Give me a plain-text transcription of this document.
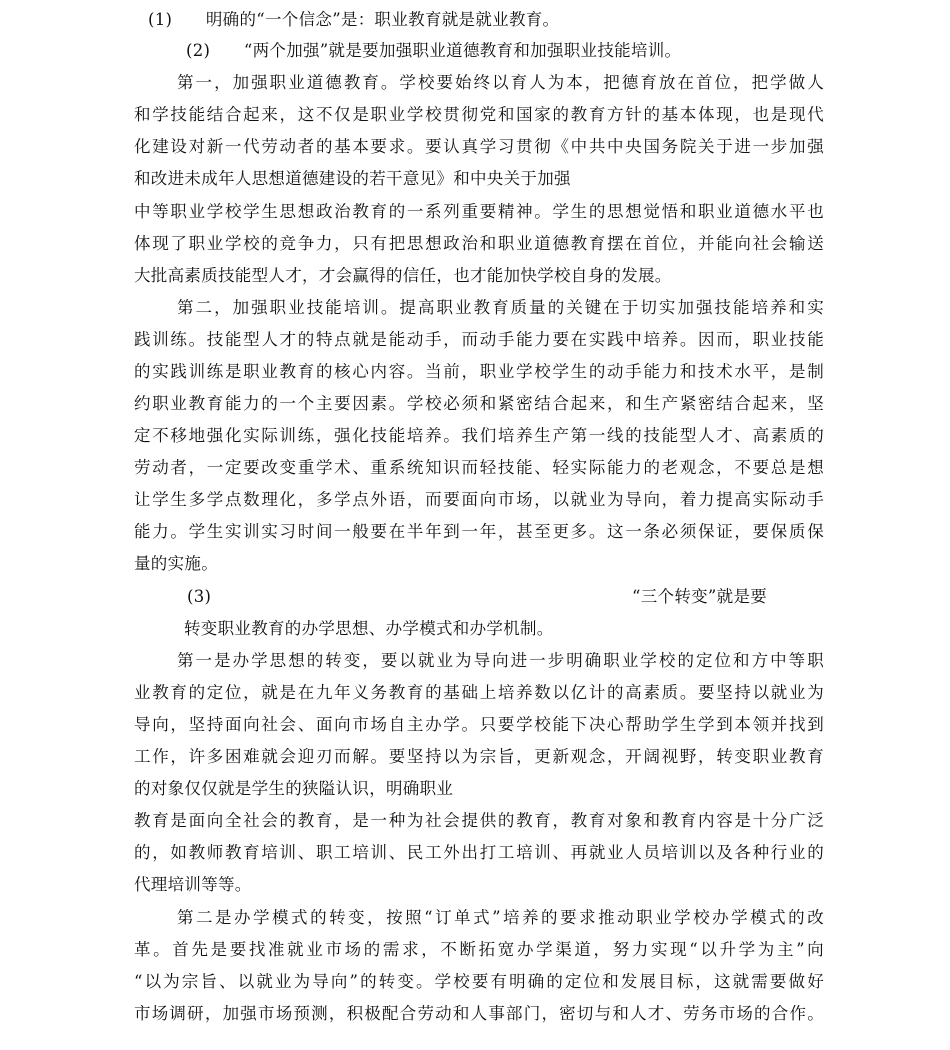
(1)　　明确的“一个信念”是：职业教育就是就业教育。
(2)　　“两个加强”就是要加强职业道德教育和加强职业技能培训。
第一，加强职业道德教育。学校要始终以育人为本，把德育放在首位，把学做人
和学技能结合起来，这不仅是职业学校贯彻党和国家的教育方针的基本体现，也是现代
化建设对新一代劳动者的基本要求。要认真学习贯彻《中共中央国务院关于进一步加强
和改进未成年人思想道德建设的若干意见》和中央关于加强
中等职业学校学生思想政治教育的一系列重要精神。学生的思想觉悟和职业道德水平也
体现了职业学校的竞争力，只有把思想政治和职业道德教育摆在首位，并能向社会输送
大批高素质技能型人才，才会赢得的信任，也才能加快学校自身的发展。
第二，加强职业技能培训。提高职业教育质量的关键在于切实加强技能培养和实
践训练。技能型人才的特点就是能动手，而动手能力要在实践中培养。因而，职业技能
的实践训练是职业教育的核心内容。当前，职业学校学生的动手能力和技术水平，是制
约职业教育能力的一个主要因素。学校必须和紧密结合起来，和生产紧密结合起来，坚
定不移地强化实际训练，强化技能培养。我们培养生产第一线的技能型人才、高素质的
劳动者，一定要改变重学术、重系统知识而轻技能、轻实际能力的老观念，不要总是想
让学生多学点数理化，多学点外语，而要面向市场，以就业为导向，着力提高实际动手
能力。学生实训实习时间一般要在半年到一年，甚至更多。这一条必须保证，要保质保
量的实施。
(3)	“三个转变”就是要
转变职业教育的办学思想、办学模式和办学机制。
第一是办学思想的转变，要以就业为导向进一步明确职业学校的定位和方中等职
业教育的定位，就是在九年义务教育的基础上培养数以亿计的高素质。要坚持以就业为
导向，坚持面向社会、面向市场自主办学。只要学校能下决心帮助学生学到本领并找到
工作，许多困难就会迎刃而解。要坚持以为宗旨，更新观念，开阔视野，转变职业教育
的对象仅仅就是学生的狭隘认识，明确职业
教育是面向全社会的教育，是一种为社会提供的教育，教育对象和教育内容是十分广泛
的，如教师教育培训、职工培训、民工外出打工培训、再就业人员培训以及各种行业的
代理培训等等。
第二是办学模式的转变，按照“订单式”培养的要求推动职业学校办学模式的改
革。首先是要找准就业市场的需求，不断拓宽办学渠道，努力实现“以升学为主”向
“以为宗旨、以就业为导向”的转变。学校要有明确的定位和发展目标，这就需要做好
市场调研，加强市场预测，积极配合劳动和人事部门，密切与和人才、劳务市场的合作。
